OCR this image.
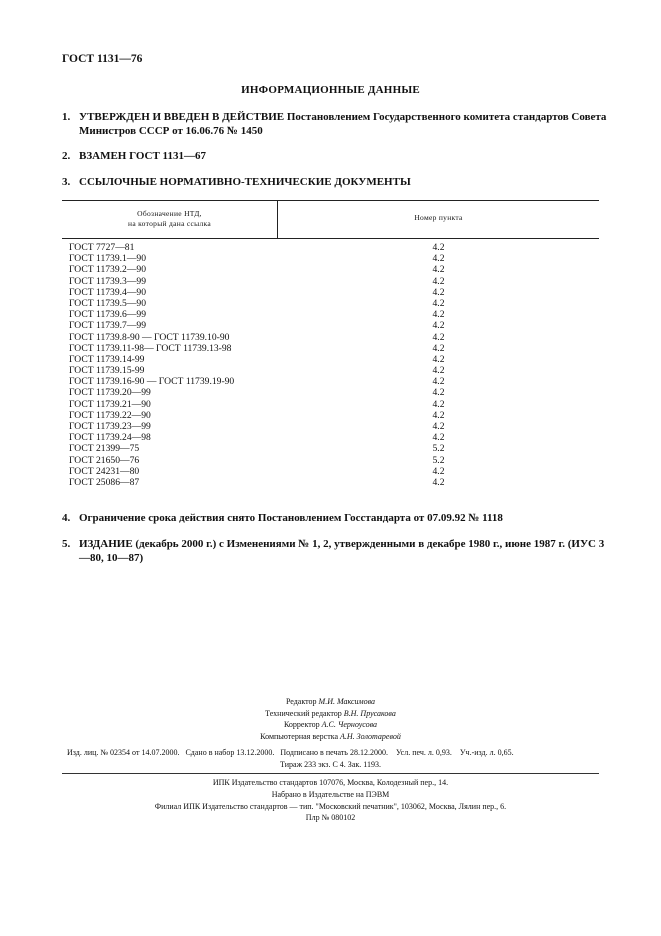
ГОСТ 1131—76
ИНФОРМАЦИОННЫЕ ДАННЫЕ
1. УТВЕРЖДЕН И ВВЕДЕН В ДЕЙСТВИЕ Постановлением Государственного комитета стандартов Совета Министров СССР от 16.06.76 № 1450
2. ВЗАМЕН ГОСТ 1131—67
3. ССЫЛОЧНЫЕ НОРМАТИВНО-ТЕХНИЧЕСКИЕ ДОКУМЕНТЫ
Обозначение НТД,
на который дана ссылка
Номер пункта
ГОСТ 7727—81	4.2
ГОСТ 11739.1—90	4.2
ГОСТ 11739.2—90	4.2
ГОСТ 11739.3—99	4.2
ГОСТ 11739.4—90	4.2
ГОСТ 11739.5—90	4.2
ГОСТ 11739.6—99	4.2
ГОСТ 11739.7—99	4.2
ГОСТ 11739.8-90 — ГОСТ 11739.10-90	4.2
ГОСТ 11739.11-98— ГОСТ 11739.13-98	4.2
ГОСТ 11739.14-99	4.2
ГОСТ 11739.15-99	4.2
ГОСТ 11739.16-90 — ГОСТ 11739.19-90	4.2
ГОСТ 11739.20—99	4.2
ГОСТ 11739.21—90	4.2
ГОСТ 11739.22—90	4.2
ГОСТ 11739.23—99	4.2
ГОСТ 11739.24—98	4.2
ГОСТ 21399—75	5.2
ГОСТ 21650—76	5.2
ГОСТ 24231—80	4.2
ГОСТ 25086—87	4.2
4. Ограничение срока действия снято Постановлением Госстандарта от 07.09.92 № 1118
5. ИЗДАНИЕ (декабрь 2000 г.) с Изменениями № 1, 2, утвержденными в декабре 1980 г., июне 1987 г. (ИУС 3—80, 10—87)
Редактор М.И. Максимова
Технический редактор В.Н. Прусакова
Корректор А.С. Черноусова
Компьютерная верстка А.Н. Золотаревой
Изд. лиц. № 02354 от 14.07.2000. Сдано в набор 13.12.2000. Подписано в печать 28.12.2000. Усл. печ. л. 0,93. Уч.-изд. л. 0,65.
Тираж 233 экз. С 4. Зак. 1193.
ИПК Издательство стандартов 107076, Москва, Колодезный пер., 14.
Набрано в Издательстве на ПЭВМ
Филиал ИПК Издательство стандартов — тип. "Московский печатник", 103062, Москва, Лялин пер., 6.
Плр № 080102
